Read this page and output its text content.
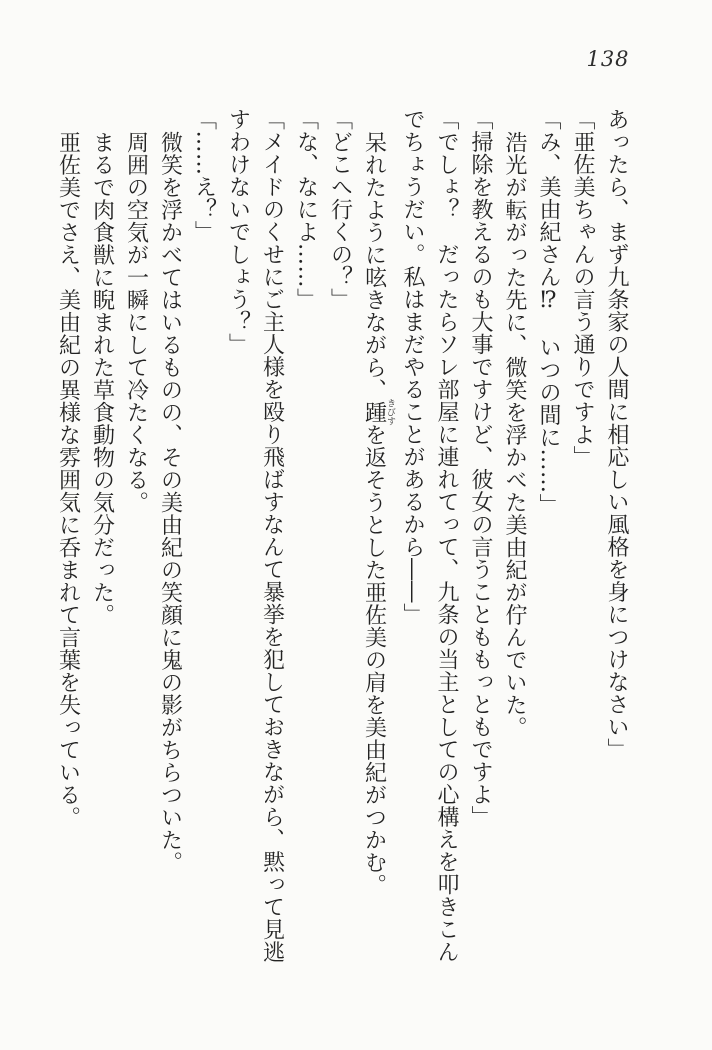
138

あったら、まず九条家の人間に相応しい風格を身につけなさい」

「亜佐美ちゃんの言う通りですよ」

「み、美由紀さん⁉　いつの間に……」

浩光が転がった先に、微笑を浮かべた美由紀が佇んでいた。

「掃除を教えるのも大事ですけど、彼女の言うことももっともですよ」

「でしょ？　だったらソレ部屋に連れてって、九条の当主としての心構えを叩きこん

でちょうだい。私はまだやることがあるから――」

呆れたように呟きながら、踵きびすを返そうとした亜佐美の肩を美由紀がつかむ。

「どこへ行くの？」

「な、なによ……」

「メイドのくせにご主人様を殴り飛ばすなんて暴挙を犯しておきながら、黙って見逃

すわけないでしょう？」

「……え？」

微笑を浮かべてはいるものの、その美由紀の笑顔に鬼の影がちらついた。

周囲の空気が一瞬にして冷たくなる。

まるで肉食獣に睨まれた草食動物の気分だった。

亜佐美でさえ、美由紀の異様な雰囲気に呑まれて言葉を失っている。
